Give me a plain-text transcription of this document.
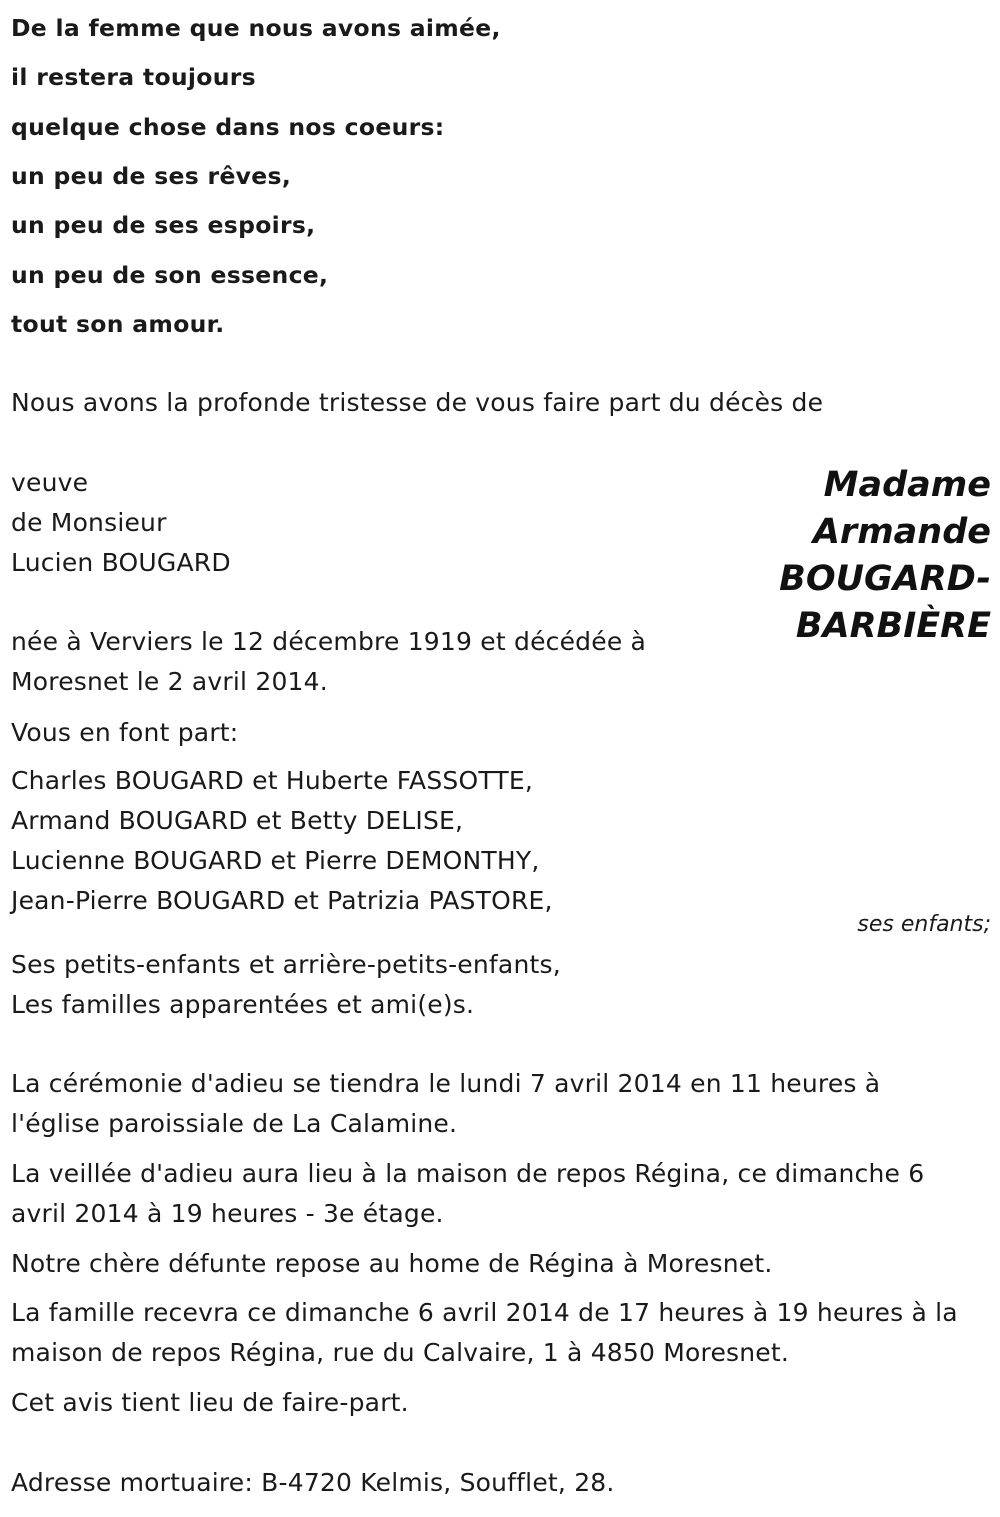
De la femme que nous avons aimée,
il restera toujours
quelque chose dans nos coeurs:
un peu de ses rêves,
un peu de ses espoirs,
un peu de son essence,
tout son amour.
Nous avons la profonde tristesse de vous faire part du décès de
veuve
de Monsieur
Lucien BOUGARD
Madame
Armande
BOUGARD-
BARBIÈRE
née à Verviers le 12 décembre 1919 et décédée à
Moresnet le 2 avril 2014.
Vous en font part:
Charles BOUGARD et Huberte FASSOTTE,
Armand BOUGARD et Betty DELISE,
Lucienne BOUGARD et Pierre DEMONTHY,
Jean-Pierre BOUGARD et Patrizia PASTORE,
ses enfants;
Ses petits-enfants et arrière-petits-enfants,
Les familles apparentées et ami(e)s.
La cérémonie d'adieu se tiendra le lundi 7 avril 2014 en 11 heures à
l'église paroissiale de La Calamine.
La veillée d'adieu aura lieu à la maison de repos Régina, ce dimanche 6
avril 2014 à 19 heures - 3e étage.
Notre chère défunte repose au home de Régina à Moresnet.
La famille recevra ce dimanche 6 avril 2014 de 17 heures à 19 heures à la
maison de repos Régina, rue du Calvaire, 1 à 4850 Moresnet.
Cet avis tient lieu de faire-part.
Adresse mortuaire: B-4720 Kelmis, Soufflet, 28.
